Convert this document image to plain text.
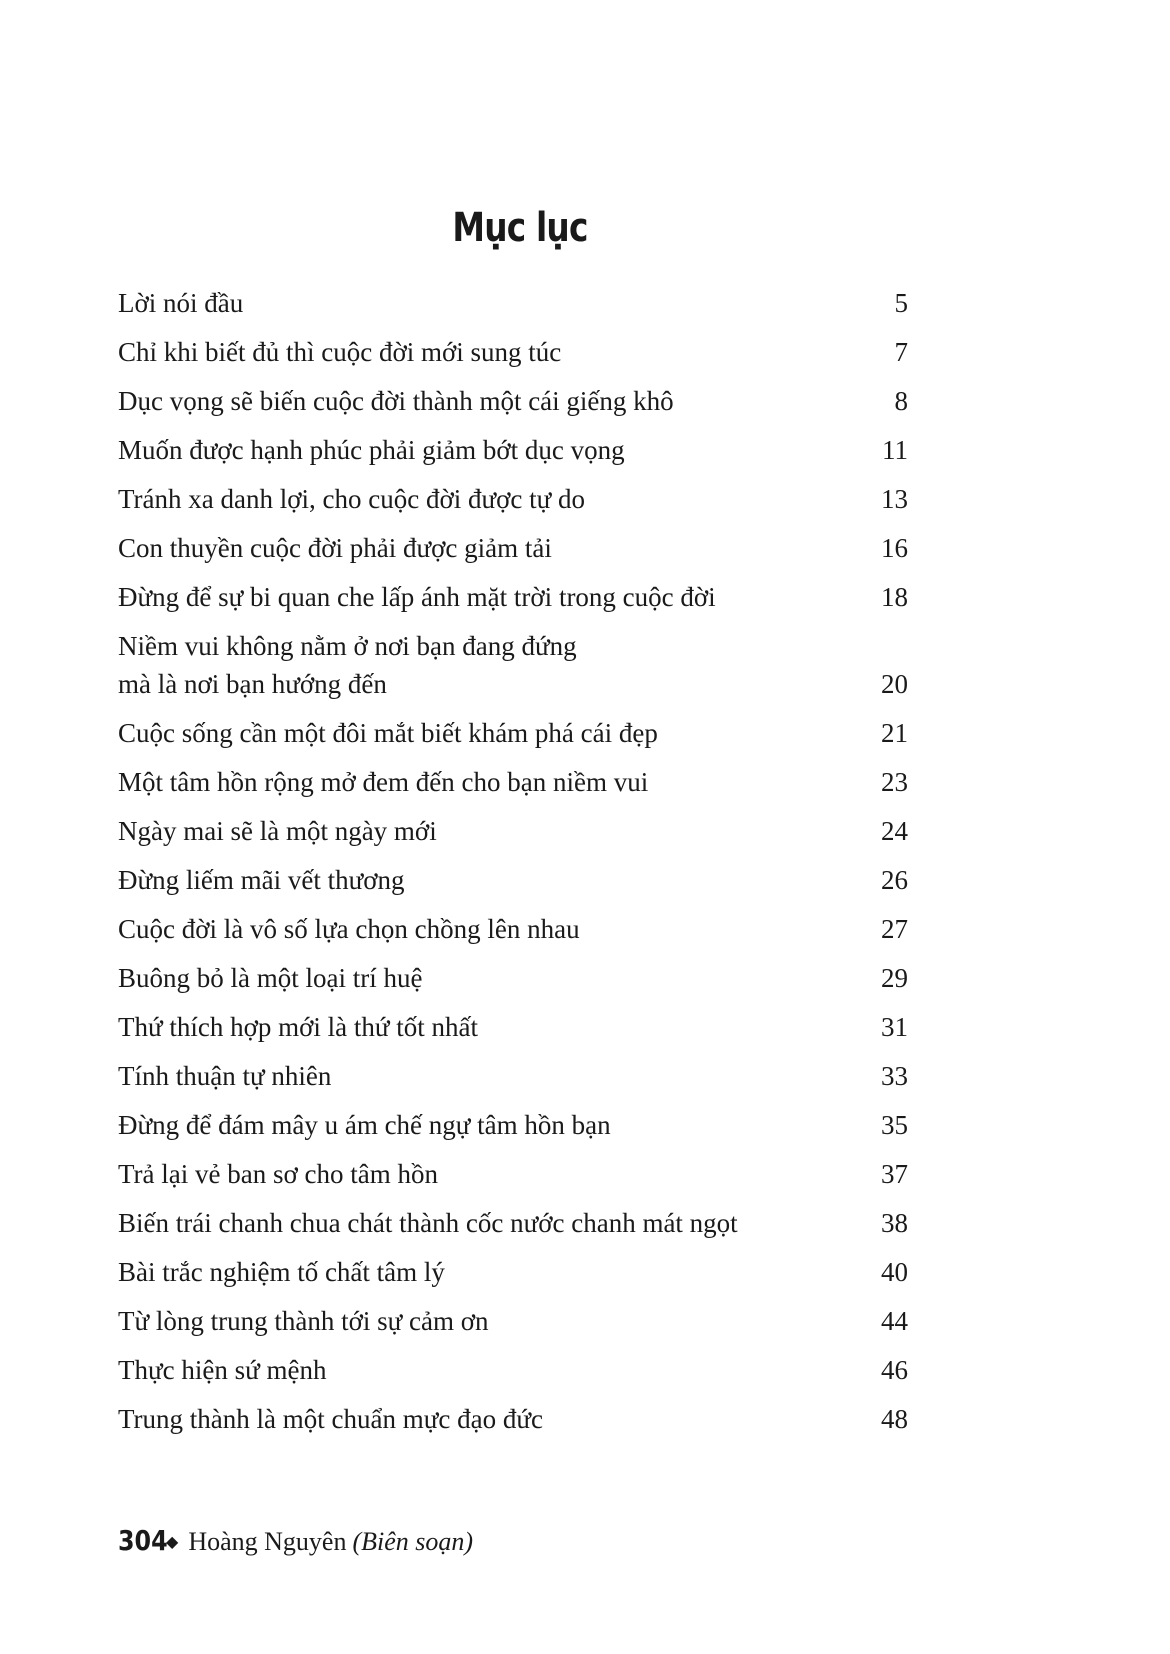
Mục lục
Lời nói đầu	5
Chỉ khi biết đủ thì cuộc đời mới sung túc	7
Dục vọng sẽ biến cuộc đời thành một cái giếng khô	8
Muốn được hạnh phúc phải giảm bớt dục vọng	11
Tránh xa danh lợi, cho cuộc đời được tự do	13
Con thuyền cuộc đời phải được giảm tải	16
Đừng để sự bi quan che lấp ánh mặt trời trong cuộc đời	18
Niềm vui không nằm ở nơi bạn đang đứng
mà là nơi bạn hướng đến	20
Cuộc sống cần một đôi mắt biết khám phá cái đẹp	21
Một tâm hồn rộng mở đem đến cho bạn niềm vui	23
Ngày mai sẽ là một ngày mới	24
Đừng liếm mãi vết thương	26
Cuộc đời là vô số lựa chọn chồng lên nhau	27
Buông bỏ là một loại trí huệ	29
Thứ thích hợp mới là thứ tốt nhất	31
Tính thuận tự nhiên	33
Đừng để đám mây u ám chế ngự tâm hồn bạn	35
Trả lại vẻ ban sơ cho tâm hồn	37
Biến trái chanh chua chát thành cốc nước chanh mát ngọt	38
Bài trắc nghiệm tố chất tâm lý	40
Từ lòng trung thành tới sự cảm ơn	44
Thực hiện sứ mệnh	46
Trung thành là một chuẩn mực đạo đức	48
304
◆ Hoàng Nguyên (Biên soạn)
